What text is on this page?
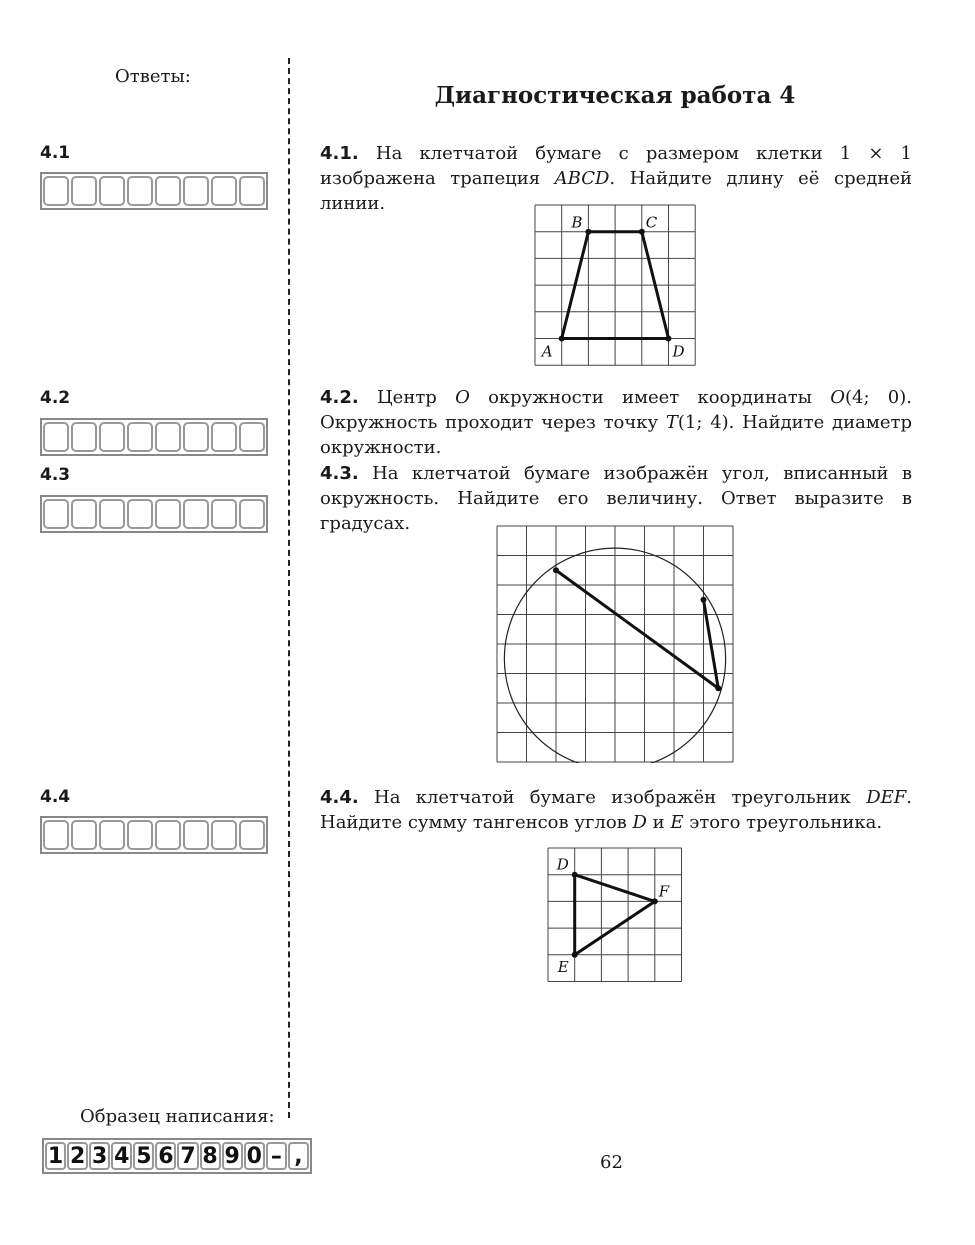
Ответы:
Диагностическая работа 4
4.1
4.2
4.3
4.4
4.1. На клетчатой бумаге с размером клетки 1 × 1 изображена трапеция ABCD. Найдите длину её средней линии.
4.2. Центр O окружности имеет координаты O(4; 0). Окружность проходит через точку T(1; 4). Найдите диаметр окружности.
4.3. На клетчатой бумаге изображён угол, вписанный в окружность. Найдите его величину. Ответ выразите в градусах.
4.4. На клетчатой бумаге изображён треугольник DEF. Найдите сумму тангенсов углов D и E этого треугольника.
A
B	C
D
D
E
F
Образец написания:
1 2 3 4 5 6 7 8 9 0 – ,	62
